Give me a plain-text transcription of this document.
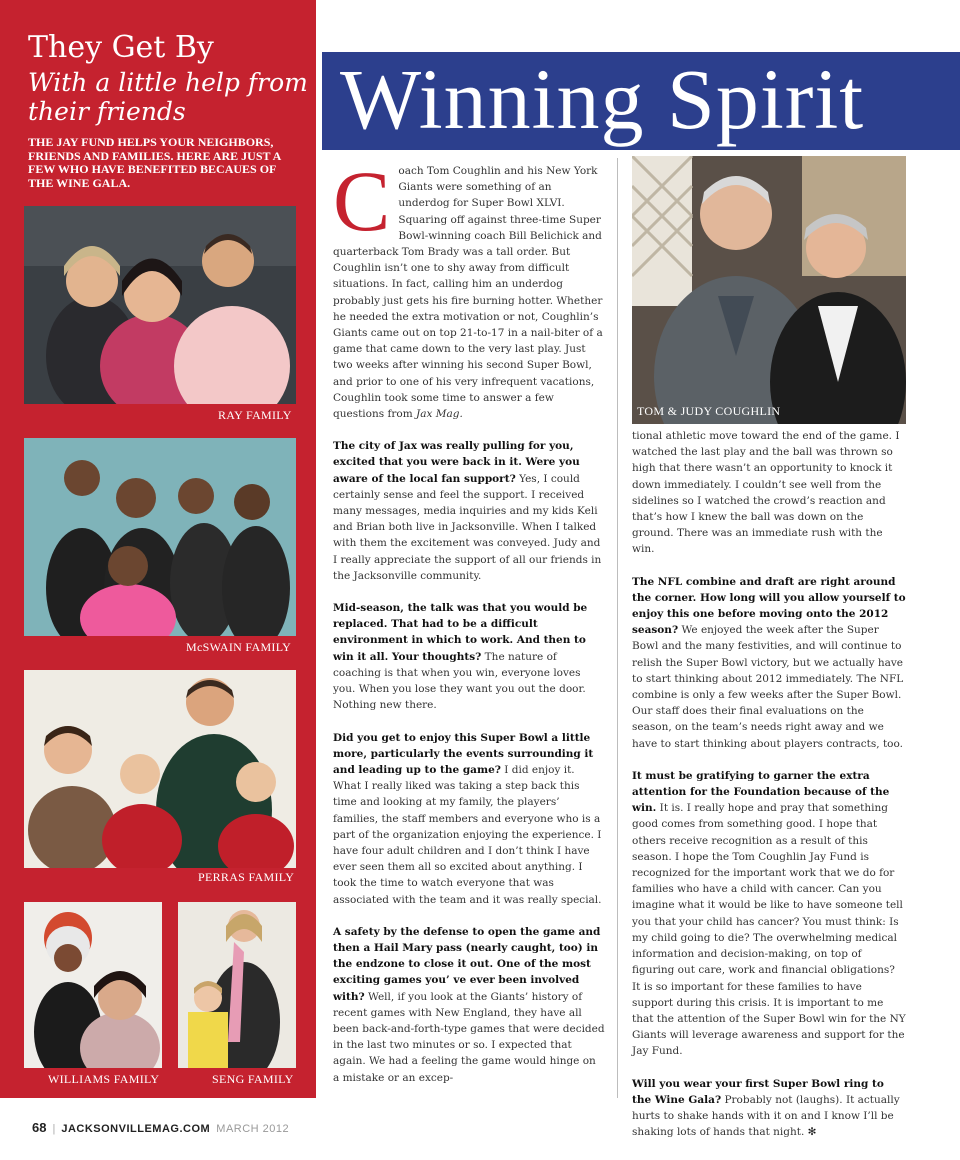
They Get By
With a little help from their friends
THE JAY FUND HELPS YOUR NEIGHBORS, FRIENDS AND FAMILIES. HERE ARE JUST A FEW WHO HAVE BENEFITED BECAUES OF THE WINE GALA.
RAY FAMILY
McSWAIN FAMILY
PERRAS FAMILY
WILLIAMS FAMILY	SENG FAMILY
Winning Spirit

Coach Tom Coughlin and his New York Giants were something of an underdog for Super Bowl XLVI. Squaring off against three-time Super Bowl-winning coach Bill Belichick and quarterback Tom Brady was a tall order. But Coughlin isn’t one to shy away from difficult situations. In fact, calling him an underdog probably just gets his fire burning hotter. Whether he needed the extra motivation or not, Coughlin’s Giants came out on top 21-to-17 in a nail-biter of a game that came down to the very last play. Just two weeks after winning his second Super Bowl, and prior to one of his very infrequent vacations, Coughlin took some time to answer a few questions from Jax Mag.

The city of Jax was really pulling for you, excited that you were back in it. Were you aware of the local fan support? Yes, I could certainly sense and feel the support. I received many messages, media inquiries and my kids Keli and Brian both live in Jacksonville. When I talked with them the excitement was conveyed. Judy and I really appreciate the support of all our friends in the Jacksonville community.

Mid-season, the talk was that you would be replaced. That had to be a difficult environment in which to work. And then to win it all. Your thoughts? The nature of coaching is that when you win, everyone loves you. When you lose they want you out the door. Nothing new there.

Did you get to enjoy this Super Bowl a little more, particularly the events surrounding it and leading up to the game? I did enjoy it. What I really liked was taking a step back this time and looking at my family, the players’ families, the staff members and everyone who is a part of the organization enjoying the experience. I have four adult children and I don’t think I have ever seen them all so excited about anything. I took the time to watch everyone that was associated with the team and it was really special.

A safety by the defense to open the game and then a Hail Mary pass (nearly caught, too) in the endzone to close it out. One of the most exciting games you’ ve ever been involved with? Well, if you look at the Giants’ history of recent games with New England, they have all been back-and-forth-type games that were decided in the last two minutes or so. I expected that again. We had a feeling the game would hinge on a mistake or an excep-

TOM & JUDY COUGHLIN

tional athletic move toward the end of the game. I watched the last play and the ball was thrown so high that there wasn’t an opportunity to knock it down immediately. I couldn’t see well from the sidelines so I watched the crowd’s reaction and that’s how I knew the ball was down on the ground. There was an immediate rush with the win.

The NFL combine and draft are right around the corner. How long will you allow yourself to enjoy this one before moving onto the 2012 season? We enjoyed the week after the Super Bowl and the many festivities, and will continue to relish the Super Bowl victory, but we actually have to start thinking about 2012 immediately. The NFL combine is only a few weeks after the Super Bowl. Our staff does their final evaluations on the season, on the team’s needs right away and we have to start thinking about players contracts, too.

It must be gratifying to garner the extra attention for the Foundation because of the win. It is. I really hope and pray that something good comes from something good. I hope that others receive recognition as a result of this season. I hope the Tom Coughlin Jay Fund is recognized for the important work that we do for families who have a child with cancer. Can you imagine what it would be like to have someone tell you that your child has cancer? You must think: Is my child going to die? The overwhelming medical information and decision-making, on top of figuring out care, work and financial obligations? It is so important for these families to have support during this crisis. It is important to me that the attention of the Super Bowl win for the NY Giants will leverage awareness and support for the Jay Fund.

Will you wear your first Super Bowl ring to the Wine Gala? Probably not (laughs). It actually hurts to shake hands with it on and I know I’ll be shaking lots of hands that night. ✻

68 | JACKSONVILLEMAG.COM MARCH 2012
